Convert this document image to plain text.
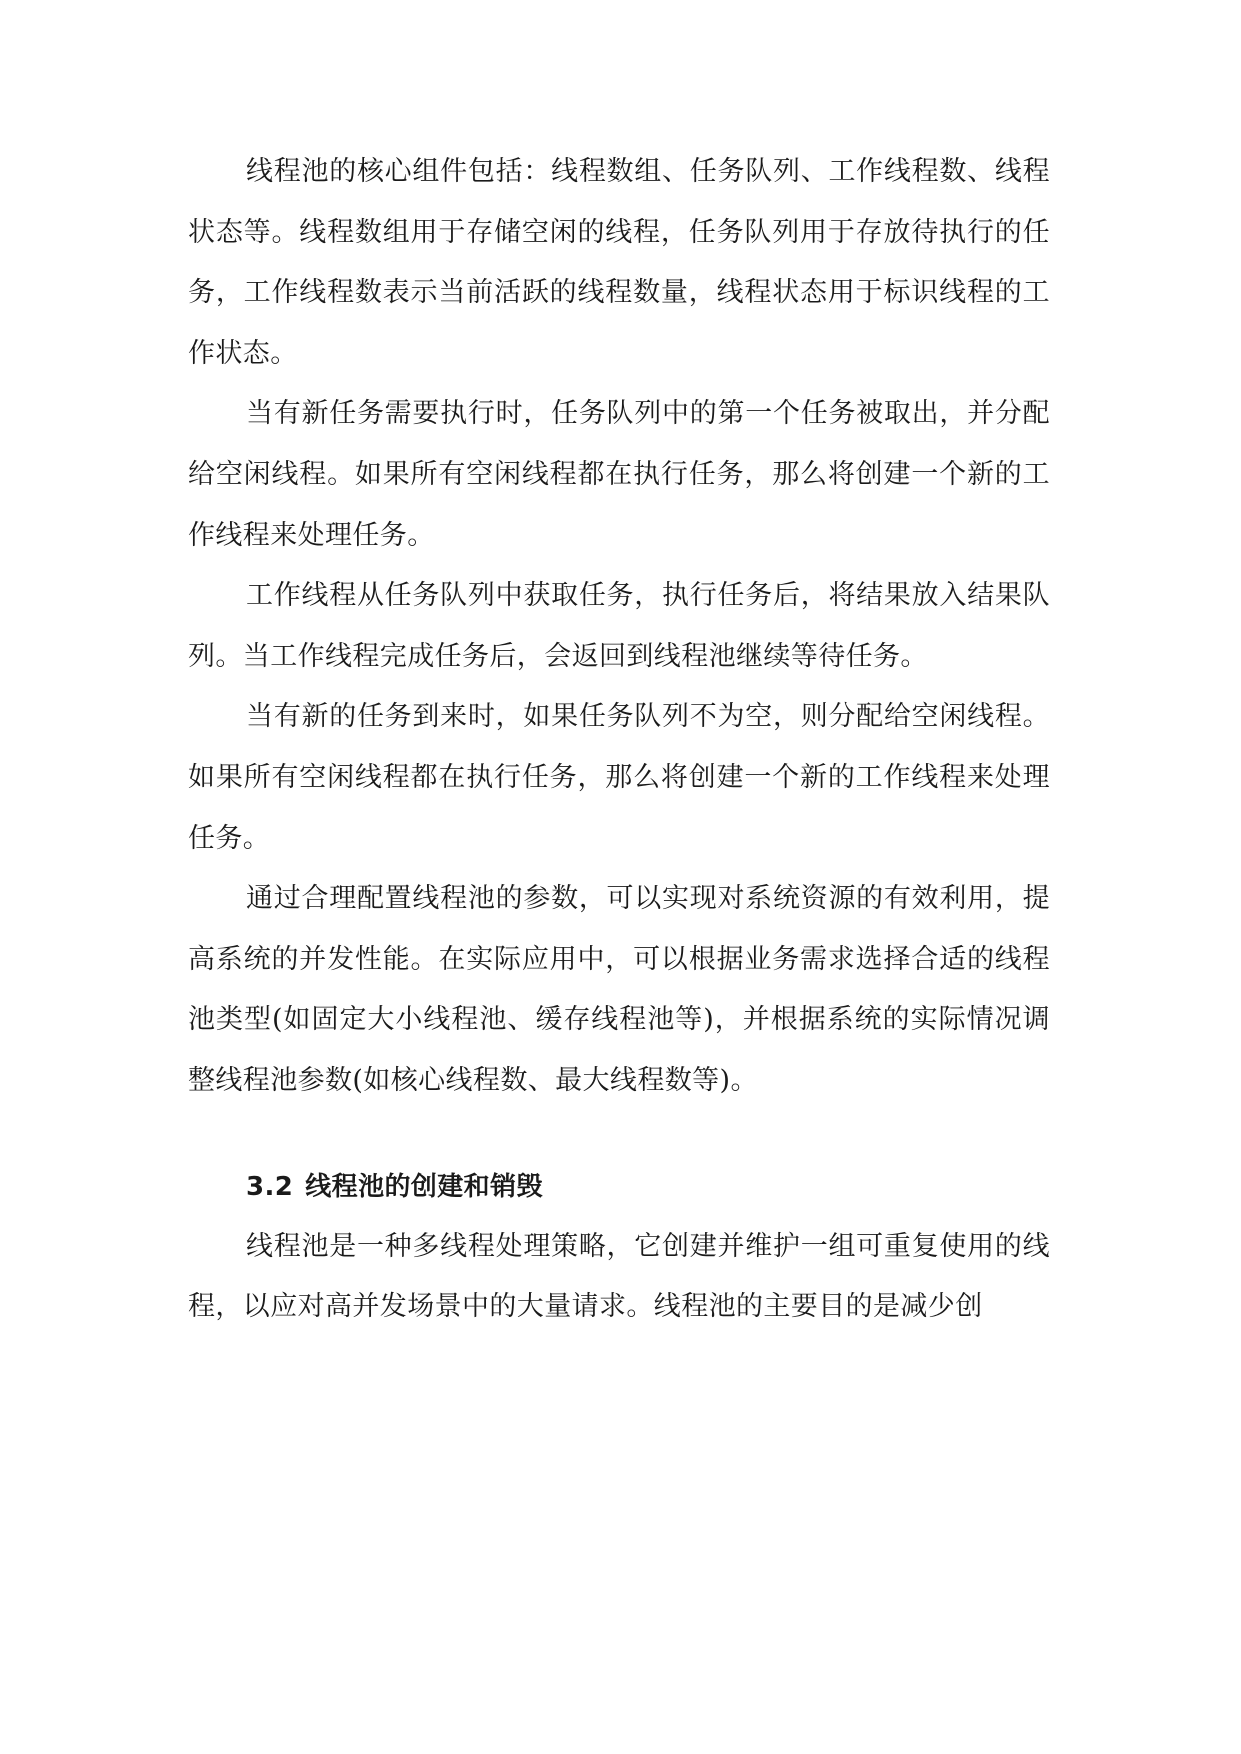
线程池的核心组件包括：线程数组、任务队列、工作线程数、线程状态等。线程数组用于存储空闲的线程，任务队列用于存放待执行的任务，工作线程数表示当前活跃的线程数量，线程状态用于标识线程的工作状态。

当有新任务需要执行时，任务队列中的第一个任务被取出，并分配给空闲线程。如果所有空闲线程都在执行任务，那么将创建一个新的工作线程来处理任务。

工作线程从任务队列中获取任务，执行任务后，将结果放入结果队列。当工作线程完成任务后，会返回到线程池继续等待任务。

当有新的任务到来时，如果任务队列不为空，则分配给空闲线程。如果所有空闲线程都在执行任务，那么将创建一个新的工作线程来处理任务。

通过合理配置线程池的参数，可以实现对系统资源的有效利用，提高系统的并发性能。在实际应用中，可以根据业务需求选择合适的线程池类型(如固定大小线程池、缓存线程池等)，并根据系统的实际情况调整线程池参数(如核心线程数、最大线程数等)。

3.2 线程池的创建和销毁

线程池是一种多线程处理策略，它创建并维护一组可重复使用的线程，以应对高并发场景中的大量请求。线程池的主要目的是减少创
